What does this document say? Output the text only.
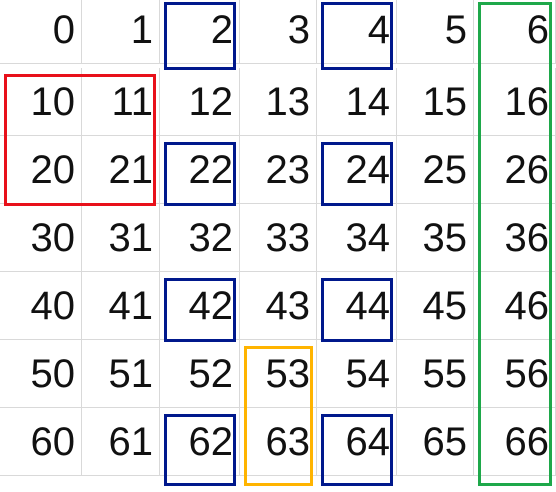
0	1	2	3	4	5	6
10 11 12 13 14 15 16
20 21 22 23 24 25 26
30 31 32 33 34 35 36
40 41 42 43 44 45 46
50 51 52 53 54 55 56
60 61 62 63 64 65 66
